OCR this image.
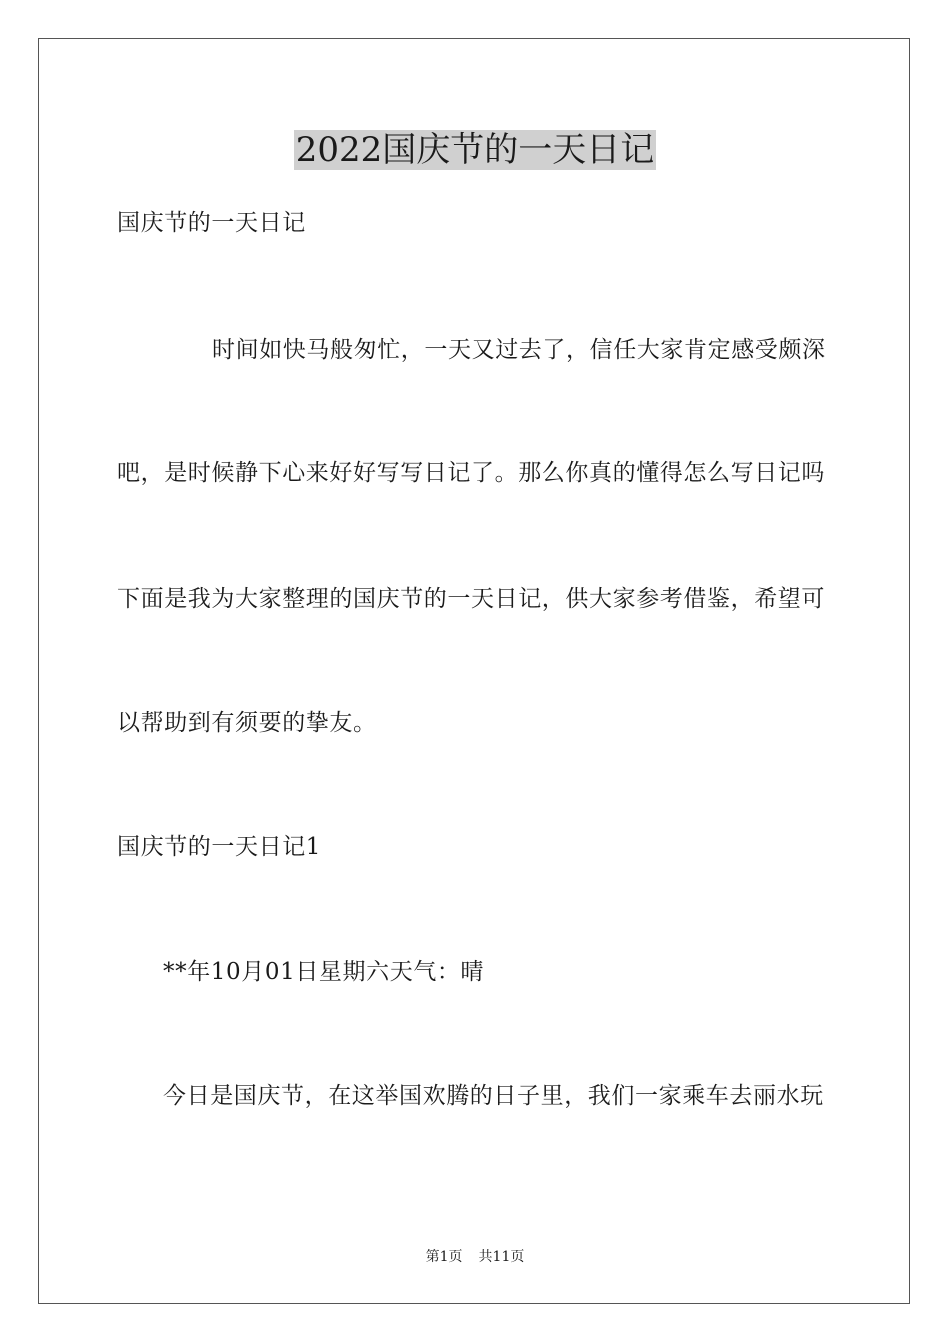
2022国庆节的一天日记

国庆节的一天日记

时间如快马般匆忙，一天又过去了，信任大家肯定感受颇深

吧，是时候静下心来好好写写日记了。那么你真的懂得怎么写日记吗

下面是我为大家整理的国庆节的一天日记，供大家参考借鉴，希望可

以帮助到有须要的挚友。

国庆节的一天日记1

**年10月01日星期六天气：晴

今日是国庆节，在这举国欢腾的日子里，我们一家乘车去丽水玩

第1页 共11页
